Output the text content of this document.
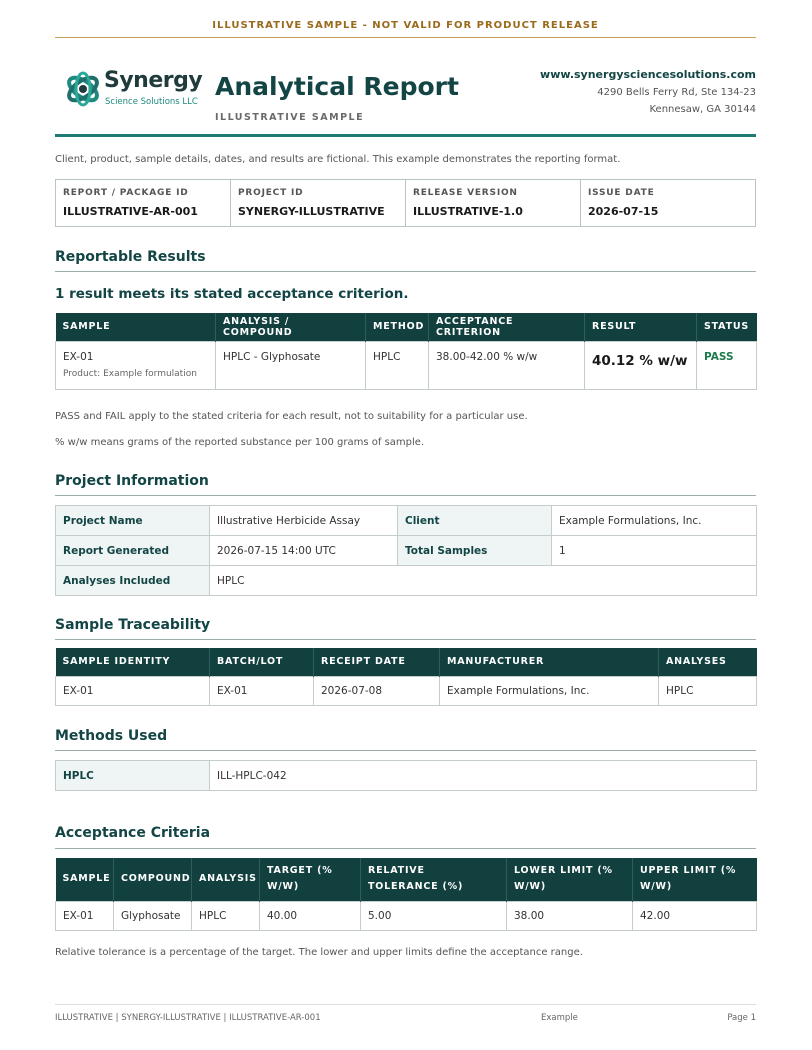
ILLUSTRATIVE SAMPLE - NOT VALID FOR PRODUCT RELEASE
Synergy
Science Solutions LLC
Analytical Report
ILLUSTRATIVE SAMPLE
www.synergysciencesolutions.com
4290 Bells Ferry Rd, Ste 134-23
Kennesaw, GA 30144
Client, product, sample details, dates, and results are fictional. This example demonstrates the reporting format.
REPORT / PACKAGE ID
ILLUSTRATIVE-AR-001
PROJECT ID
SYNERGY-ILLUSTRATIVE
RELEASE VERSION
ILLUSTRATIVE-1.0
ISSUE DATE
2026-07-15
Reportable Results
1 result meets its stated acceptance criterion.
SAMPLE	ANALYSIS / COMPOUND	METHOD	ACCEPTANCE CRITERION	RESULT	STATUS
EX-01
Product: Example formulation	HPLC - Glyphosate	HPLC	38.00-42.00 % w/w	40.12 % w/w	PASS
PASS and FAIL apply to the stated criteria for each result, not to suitability for a particular use.
% w/w means grams of the reported substance per 100 grams of sample.
Project Information
Project Name	Illustrative Herbicide Assay	Client	Example Formulations, Inc.
Report Generated	2026-07-15 14:00 UTC	Total Samples	1
Analyses Included	HPLC		
Sample Traceability
SAMPLE IDENTITY	BATCH/LOT	RECEIPT DATE	MANUFACTURER	ANALYSES
EX-01	EX-01	2026-07-08	Example Formulations, Inc.	HPLC
Methods Used
HPLC	ILL-HPLC-042
Acceptance Criteria
SAMPLE	COMPOUND	ANALYSIS	TARGET (% W/W)	RELATIVE TOLERANCE (%)	LOWER LIMIT (% W/W)	UPPER LIMIT (% W/W)
EX-01	Glyphosate	HPLC	40.00	5.00	38.00	42.00
Relative tolerance is a percentage of the target. The lower and upper limits define the acceptance range.
ILLUSTRATIVE | SYNERGY-ILLUSTRATIVE | ILLUSTRATIVE-AR-001	Example	Page 1
